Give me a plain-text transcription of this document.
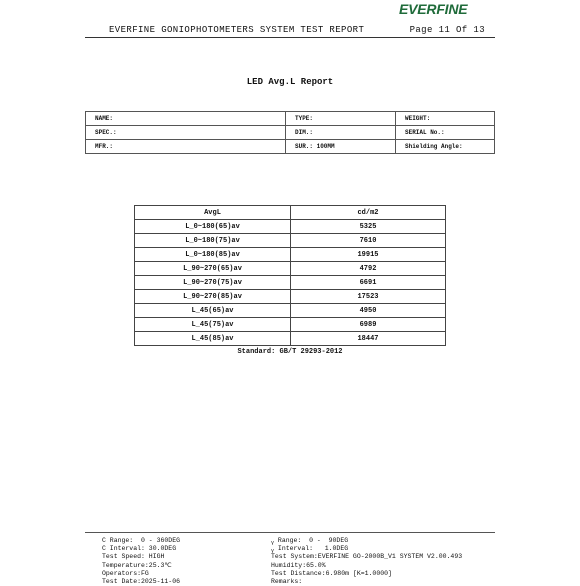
EVERFINE
EVERFINE GONIOPHOTOMETERS SYSTEM TEST REPORT	Page 11 Of 13
LED Avg.L Report
NAME:	TYPE:	WEIGHT:
SPEC.:	DIM.:	SERIAL No.:
MFR.:	SUR.: 100MM	Shielding Angle:
AvgL	cd/m2
L_0~180(65)av	5325
L_0~180(75)av	7610
L_0~180(85)av	19915
L_90~270(65)av	4792
L_90~270(75)av	6691
L_90~270(85)av	17523
L_45(65)av	4950
L_45(75)av	6989
L_45(85)av	18447
Standard: GB/T 29293-2012
C Range:  0 - 360DEG
C Interval: 30.0DEG
Test Speed: HIGH
Temperature:25.3℃
Operators:FG
Test Date:2025-11-06
$_\gamma$ Range:  0 -  90DEG
$_\gamma$ Interval:   1.0DEG
Test System:EVERFINE GO-2000B_V1 SYSTEM V2.00.493
Humidity:65.0%
Test Distance:6.980m [K=1.0000]
Remarks:
